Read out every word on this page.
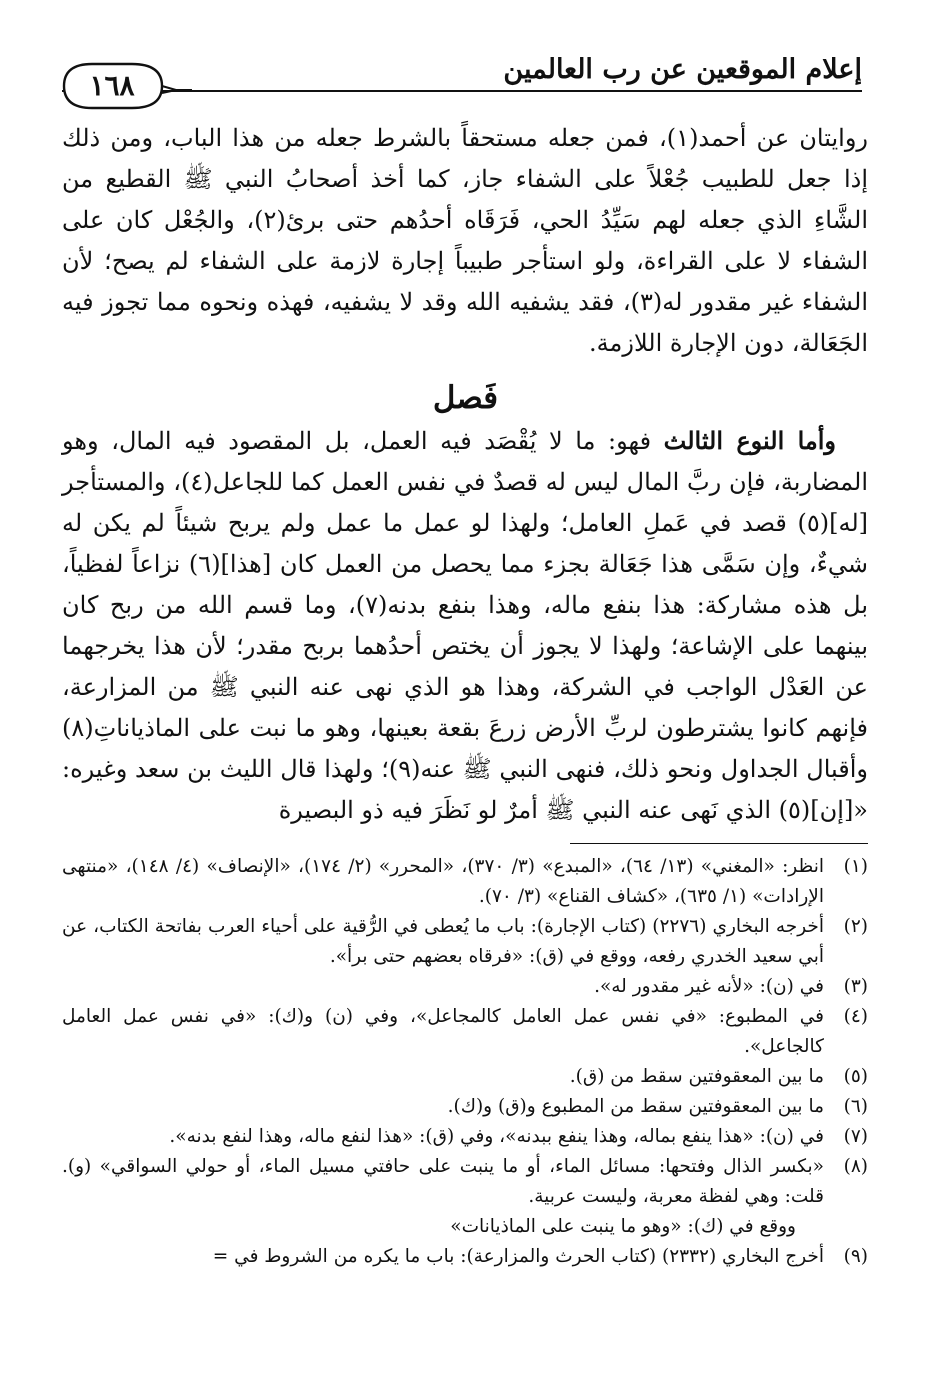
إعلام الموقعين عن رب العالمين
١٦٨

روايتان عن أحمد(١)، فمن جعله مستحقاً بالشرط جعله من هذا الباب، ومن ذلك إذا جعل للطبيب جُعْلاً على الشفاء جاز، كما أخذ أصحابُ النبي ﷺ القطيع من الشَّاءِ الذي جعله لهم سَيِّدُ الحي، فَرَقَاه أحدُهم حتى برئ(٢)، والجُعْل كان على الشفاء لا على القراءة، ولو استأجر طبيباً إجارة لازمة على الشفاء لم يصح؛ لأن الشفاء غير مقدور له(٣)، فقد يشفيه الله وقد لا يشفيه، فهذه ونحوه مما تجوز فيه الجَعَالة، دون الإجارة اللازمة.

فَصل

وأما النوع الثالث فهو: ما لا يُقْصَد فيه العمل، بل المقصود فيه المال، وهو المضاربة، فإن ربَّ المال ليس له قصدٌ في نفس العمل كما للجاعل(٤)، والمستأجر [له](٥) قصد في عَملِ العامل؛ ولهذا لو عمل ما عمل ولم يربح شيئاً لم يكن له شيءٌ، وإن سَمَّى هذا جَعَالة بجزء مما يحصل من العمل كان [هذا](٦) نزاعاً لفظياً، بل هذه مشاركة: هذا بنفع ماله، وهذا بنفع بدنه(٧)، وما قسم الله من ربح كان بينهما على الإشاعة؛ ولهذا لا يجوز أن يختص أحدُهما بربح مقدر؛ لأن هذا يخرجهما عن العَدْل الواجب في الشركة، وهذا هو الذي نهى عنه النبي ﷺ من المزارعة، فإنهم كانوا يشترطون لربِّ الأرض زرعَ بقعة بعينها، وهو ما نبت على الماذياناتِ(٨) وأقبال الجداول ونحو ذلك، فنهى النبي ﷺ عنه(٩)؛ ولهذا قال الليث بن سعد وغيره: «[إن](٥) الذي نَهى عنه النبي ﷺ أمرٌ لو نَظَرَ فيه ذو البصيرة

(١)

انظر: «المغني» (١٣/ ٦٤)، «المبدع» (٣/ ٣٧٠)، «المحرر» (٢/ ١٧٤)، «الإنصاف» (٤/ ١٤٨)، «منتهى الإرادات» (١/ ٦٣٥)، «كشاف القناع» (٣/ ٧٠).

(٢)

أخرجه البخاري (٢٢٧٦) (كتاب الإجارة): باب ما يُعطى في الرُّقية على أحياء العرب بفاتحة الكتاب، عن أبي سعيد الخدري رفعه، ووقع في (ق): «فرقاه بعضهم حتى برأ».

(٣)

في (ن): «لأنه غير مقدور له».

(٤)

في المطبوع: «في نفس عمل العامل كالمجاعل»، وفي (ن) و(ك): «في نفس عمل العامل كالجاعل».

(٥)

ما بين المعقوفتين سقط من (ق).

(٦)

ما بين المعقوفتين سقط من المطبوع و(ق) و(ك).

(٧)

في (ن): «هذا ينفع بماله، وهذا ينفع ببدنه»، وفي (ق): «هذا لنفع ماله، وهذا لنفع بدنه».

(٨)

«بكسر الذال وفتحها: مسائل الماء، أو ما ينبت على حافتي مسيل الماء، أو حولي السواقي» (و). قلت: وهي لفظة معربة، وليست عربية.

ووقع في (ك): «وهو ما ينبت على الماذيانات»

(٩)

أخرج البخاري (٢٣٣٢) (كتاب الحرث والمزارعة): باب ما يكره من الشروط في =
